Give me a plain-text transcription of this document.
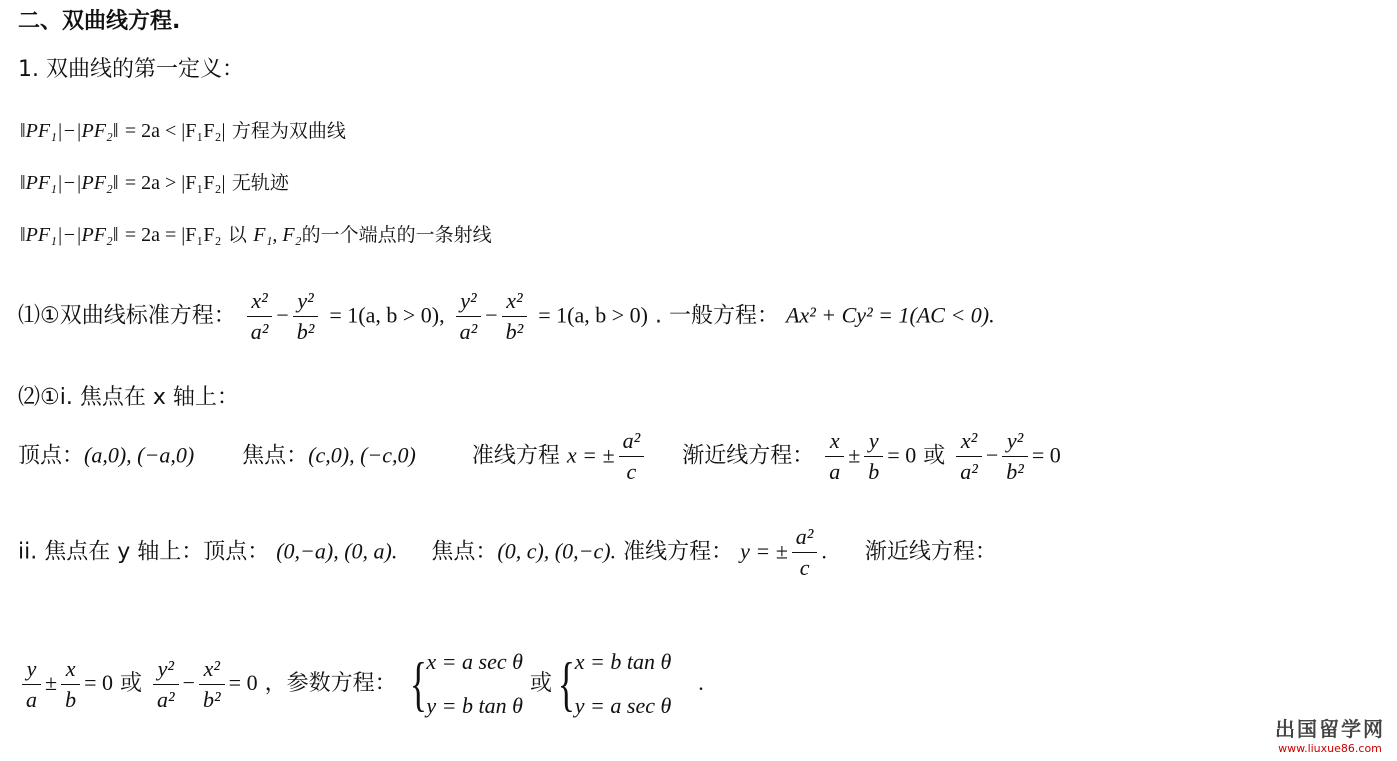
二、双曲线方程.
1. 双曲线的第一定义：
‖PF₁|−|PF₂‖ = 2a < |F₁F₂| 方程为双曲线
‖PF₁|−|PF₂‖ = 2a > |F₁F₂| 无轨迹
‖PF₁|−|PF₂‖ = 2a = |F₁F₂ 以 F₁, F₂的一个端点的一条射线
⑴①双曲线标准方程： $\frac{\text{x²}}{\text{a²}} - \frac{\text{y²}}{\text{b²}} = 1(a$, b > 0), $\frac{\text{y²}}{\text{a²}} - \frac{\text{x²}}{\text{b²}} = 1(a$, b > 0) . 一般方程： Ax² + Cy² = 1(AC < 0).
⑵①i. 焦点在 x 轴上：
顶点：(a,0), (−a,0) 焦点：(c,0), (−c,0)	准线方程 x = ± $\frac{\text{a²}}{c}$ 渐近线方程： $\frac{x}{a} \pm \frac{y}{b} = 0$ 或 $\frac{\text{x²}}{\text{a²}} - \frac{\text{y²}}{\text{b²}} = 0$
ii. 焦点在 y 轴上：顶点： (0,−a), (0, a). 焦点：(0, c), (0,−c). 准线方程： y = ± $\frac{\text{a²}}{c}$ . 渐近线方程：
$\frac{y}{a} \pm \frac{x}{b} = 0$ 或 $\frac{\text{y²}}{\text{a²}} - \frac{\text{x²}}{\text{b²}} = 0$ ，参数方程： { x = a sec θ
y = b tan θ
或{ x = b tan θ
y = a sec θ
.
出国留学网
www.liuxue86.com
